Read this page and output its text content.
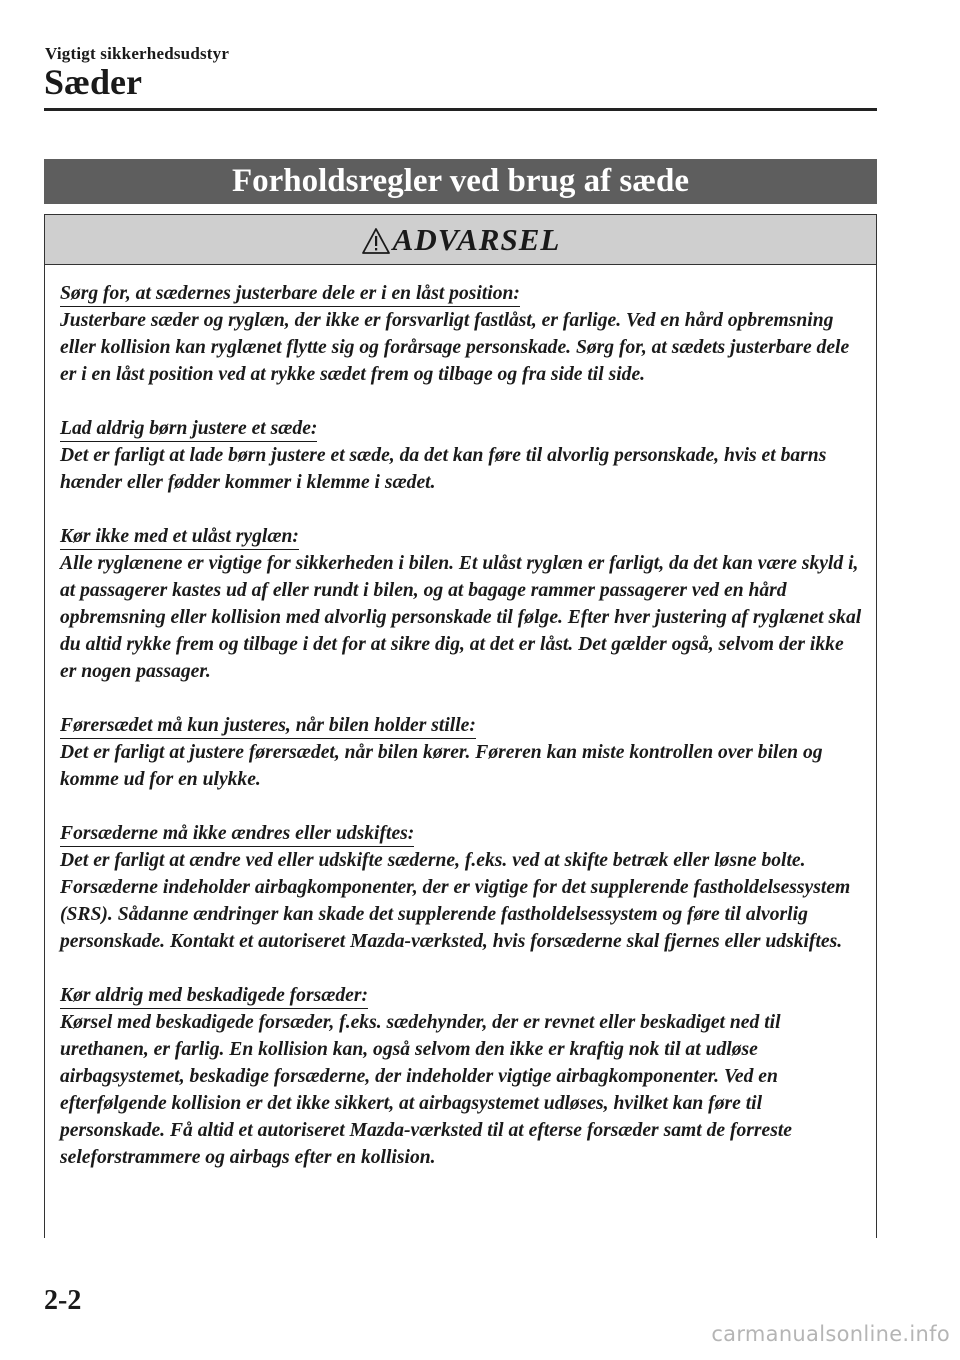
Vigtigt sikkerhedsudstyr
Sæder
Forholdsregler ved brug af sæde
ADVARSEL
Sørg for, at sædernes justerbare dele er i en låst position:
Justerbare sæder og ryglæn, der ikke er forsvarligt fastlåst, er farlige. Ved en hård opbremsning eller kollision kan ryglænet flytte sig og forårsage personskade. Sørg for, at sædets justerbare dele er i en låst position ved at rykke sædet frem og tilbage og fra side til side.
Lad aldrig børn justere et sæde:
Det er farligt at lade børn justere et sæde, da det kan føre til alvorlig personskade, hvis et barns hænder eller fødder kommer i klemme i sædet.
Kør ikke med et ulåst ryglæn:
Alle ryglænene er vigtige for sikkerheden i bilen. Et ulåst ryglæn er farligt, da det kan være skyld i, at passagerer kastes ud af eller rundt i bilen, og at bagage rammer passagerer ved en hård opbremsning eller kollision med alvorlig personskade til følge. Efter hver justering af ryglænet skal du altid rykke frem og tilbage i det for at sikre dig, at det er låst. Det gælder også, selvom der ikke er nogen passager.
Førersædet må kun justeres, når bilen holder stille:
Det er farligt at justere førersædet, når bilen kører. Føreren kan miste kontrollen over bilen og komme ud for en ulykke.
Forsæderne må ikke ændres eller udskiftes:
Det er farligt at ændre ved eller udskifte sæderne, f.eks. ved at skifte betræk eller løsne bolte. Forsæderne indeholder airbagkomponenter, der er vigtige for det supplerende fastholdelsessystem (SRS). Sådanne ændringer kan skade det supplerende fastholdelsessystem og føre til alvorlig personskade. Kontakt et autoriseret Mazda-værksted, hvis forsæderne skal fjernes eller udskiftes.
Kør aldrig med beskadigede forsæder:
Kørsel med beskadigede forsæder, f.eks. sædehynder, der er revnet eller beskadiget ned til urethanen, er farlig. En kollision kan, også selvom den ikke er kraftig nok til at udløse airbagsystemet, beskadige forsæderne, der indeholder vigtige airbagkomponenter. Ved en efterfølgende kollision er det ikke sikkert, at airbagsystemet udløses, hvilket kan føre til personskade. Få altid et autoriseret Mazda-værksted til at efterse forsæder samt de forreste seleforstrammere og airbags efter en kollision.
2-2
carmanualsonline.info
